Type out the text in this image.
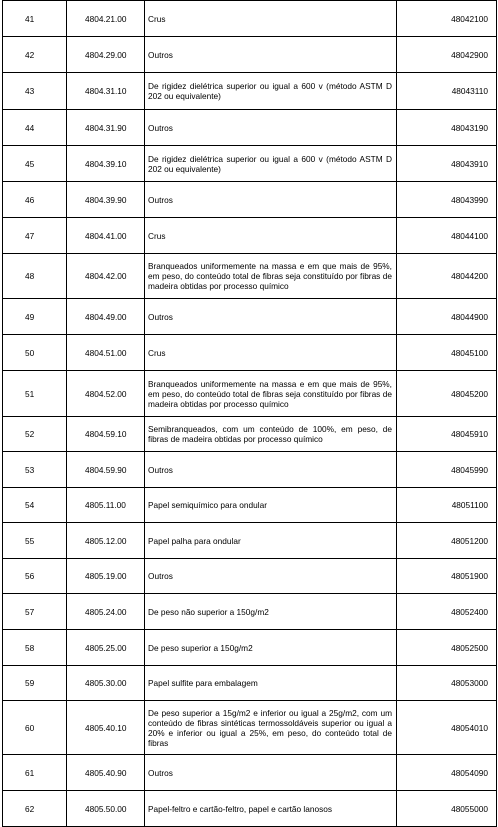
41	4804.21.00	Crus	48042100
42	4804.29.00	Outros	48042900
43	4804.31.10	De rigidez dielétrica superior ou igual a 600 v (método ASTM D 202 ou equivalente)	48043110
44	4804.31.90	Outros	48043190
45	4804.39.10	De rigidez dielétrica superior ou igual a 600 v (método ASTM D 202 ou equivalente)	48043910
46	4804.39.90	Outros	48043990
47	4804.41.00	Crus	48044100
48	4804.42.00	Branqueados uniformemente na massa e em que mais de 95%, em peso, do conteúdo total de fibras seja constituído por fibras de madeira obtidas por processo químico	48044200
49	4804.49.00	Outros	48044900
50	4804.51.00	Crus	48045100
51	4804.52.00	Branqueados uniformemente na massa e em que mais de 95%, em peso, do conteúdo total de fibras seja constituído por fibras de madeira obtidas por processo químico	48045200
52	4804.59.10	Semibranqueados, com um conteúdo de 100%, em peso, de fibras de madeira obtidas por processo químico	48045910
53	4804.59.90	Outros	48045990
54	4805.11.00	Papel semiquímico para ondular	48051100
55	4805.12.00	Papel palha para ondular	48051200
56	4805.19.00	Outros	48051900
57	4805.24.00	De peso não superior a 150g/m2	48052400
58	4805.25.00	De peso superior a 150g/m2	48052500
59	4805.30.00	Papel sulfite para embalagem	48053000
60	4805.40.10	De peso superior a 15g/m2 e inferior ou igual a 25g/m2, com um conteúdo de fibras sintéticas termossoldáveis superior ou igual a 20% e inferior ou igual a 25%, em peso, do conteúdo total de fibras	48054010
61	4805.40.90	Outros	48054090
62	4805.50.00	Papel-feltro e cartão-feltro, papel e cartão lanosos	48055000
